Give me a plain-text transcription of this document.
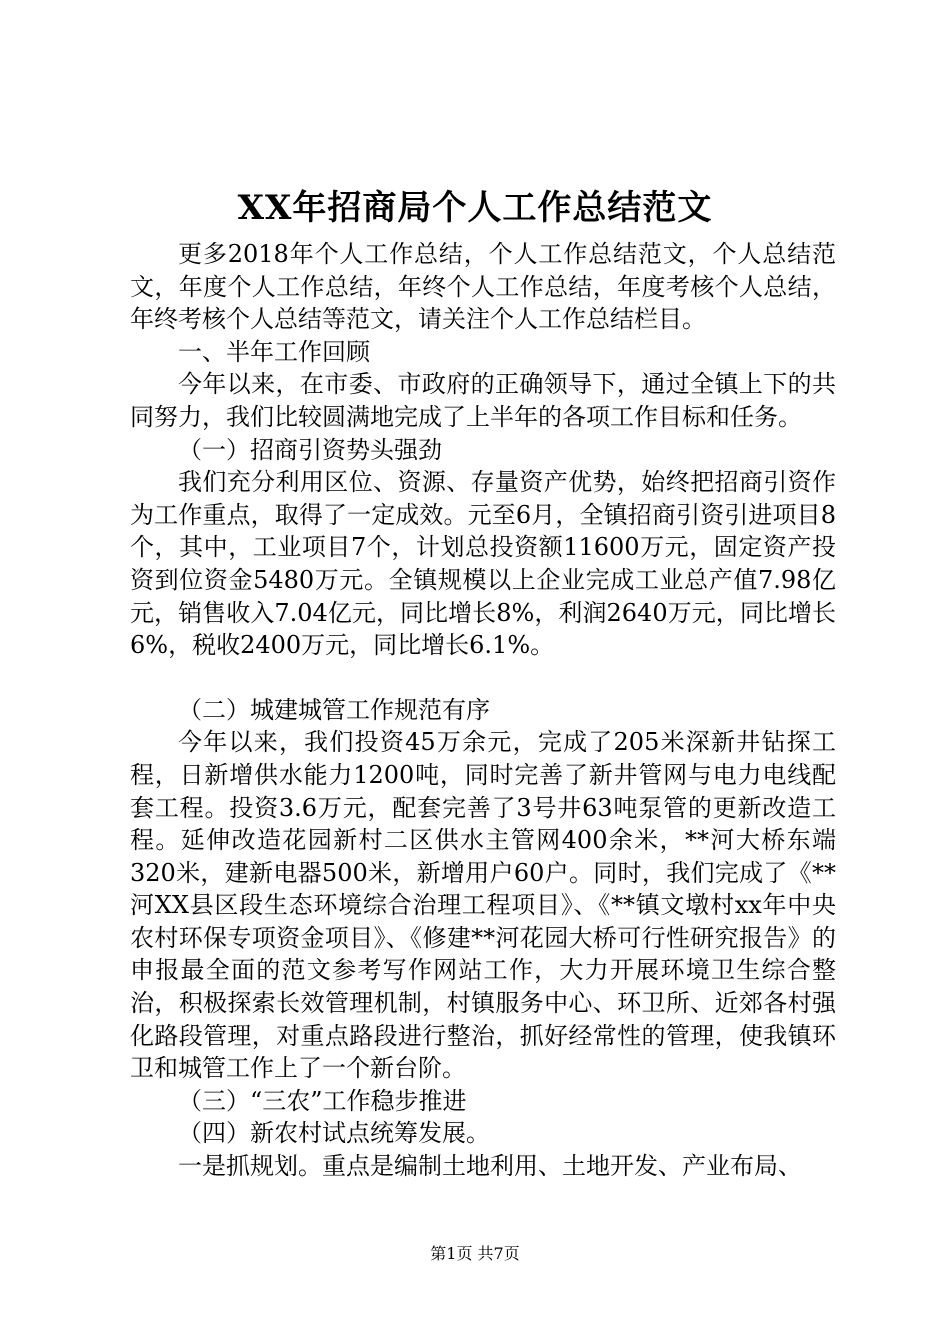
XX年招商局个人工作总结范文

更多2018年个人工作总结，个人工作总结范文，个人总结范文，年度个人工作总结，年终个人工作总结，年度考核个人总结，年终考核个人总结等范文，请关注个人工作总结栏目。

一、半年工作回顾

今年以来，在市委、市政府的正确领导下，通过全镇上下的共同努力，我们比较圆满地完成了上半年的各项工作目标和任务。

（一）招商引资势头强劲

我们充分利用区位、资源、存量资产优势，始终把招商引资作为工作重点，取得了一定成效。元至6月，全镇招商引资引进项目8个，其中，工业项目7个，计划总投资额11600万元，固定资产投资到位资金5480万元。全镇规模以上企业完成工业总产值7.98亿元，销售收入7.04亿元，同比增长8%，利润2640万元，同比增长6%，税收2400万元，同比增长6.1%。

（二）城建城管工作规范有序

今年以来，我们投资45万余元，完成了205米深新井钻探工程，日新增供水能力1200吨，同时完善了新井管网与电力电线配套工程。投资3.6万元，配套完善了3号井63吨泵管的更新改造工程。延伸改造花园新村二区供水主管网400余米，**河大桥东端320米，建新电器500米，新增用户60户。同时，我们完成了《**河XX县区段生态环境综合治理工程项目》、《**镇文墩村xx年中央农村环保专项资金项目》、《修建**河花园大桥可行性研究报告》的申报最全面的范文参考写作网站工作，大力开展环境卫生综合整治，积极探索长效管理机制，村镇服务中心、环卫所、近郊各村强化路段管理，对重点路段进行整治，抓好经常性的管理，使我镇环卫和城管工作上了一个新台阶。

（三）“三农”工作稳步推进

（四）新农村试点统筹发展。

一是抓规划。重点是编制土地利用、土地开发、产业布局、

第1页 共7页
